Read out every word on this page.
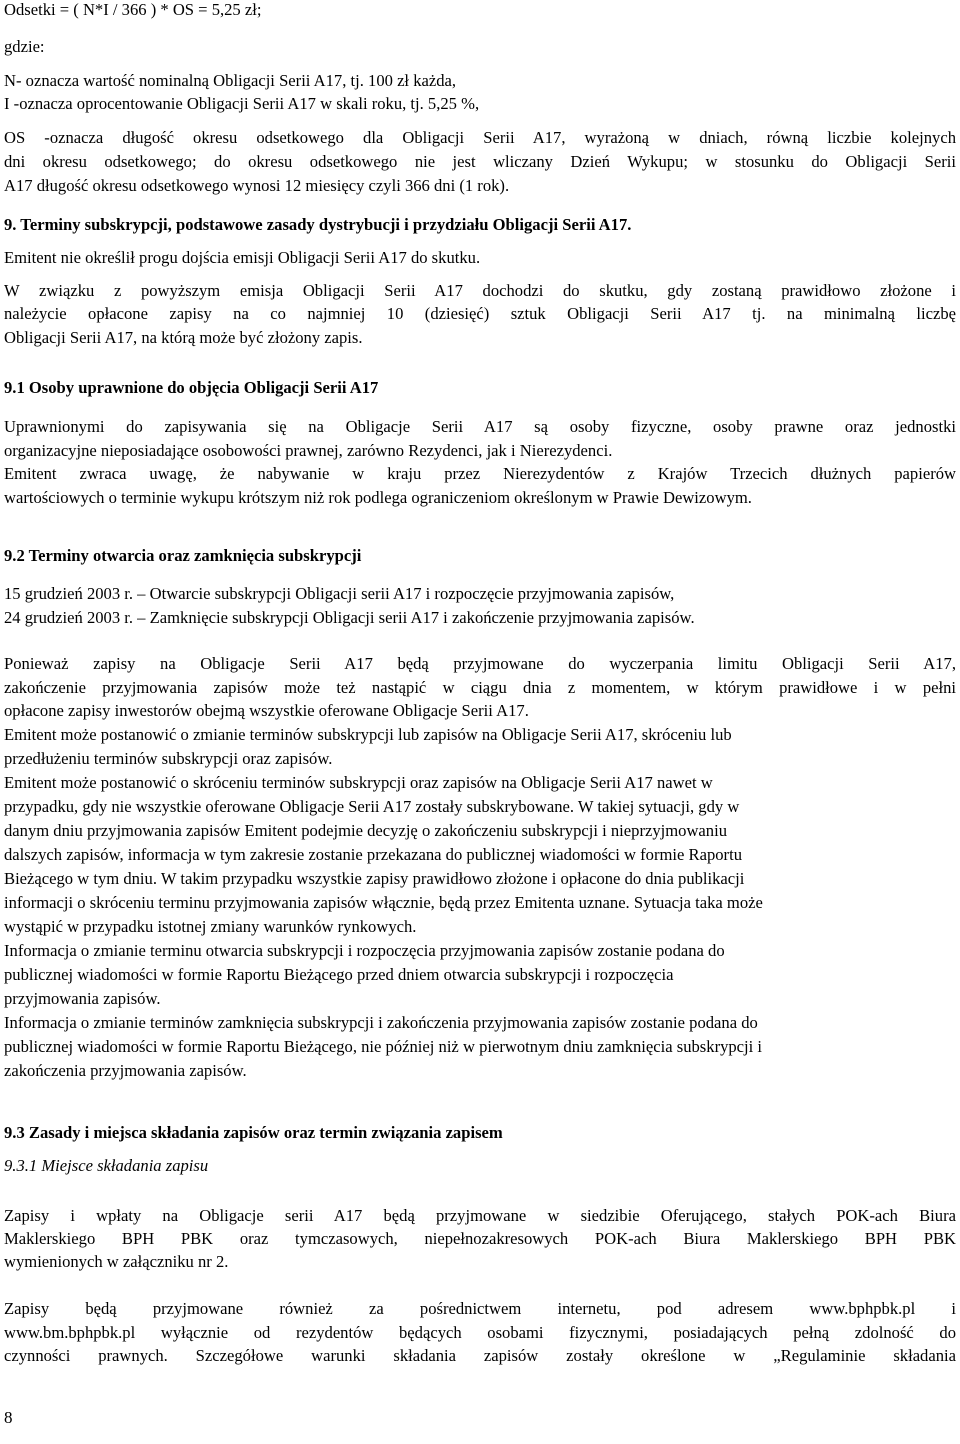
Odsetki = ( N*I / 366 ) * OS = 5,25 zł;
gdzie:
N- oznacza wartość nominalną Obligacji Serii A17, tj. 100 zł każda,
I -oznacza oprocentowanie Obligacji Serii A17 w skali roku, tj. 5,25 %,
OS -oznacza długość okresu odsetkowego dla Obligacji Serii A17, wyrażoną w dniach, równą liczbie kolejnych
dni okresu odsetkowego; do okresu odsetkowego nie jest wliczany Dzień Wykupu; w stosunku do Obligacji Serii
A17 długość okresu odsetkowego wynosi 12 miesięcy czyli 366 dni (1 rok).
9. Terminy subskrypcji, podstawowe zasady dystrybucji i przydziału Obligacji Serii A17.
Emitent nie określił progu dojścia emisji Obligacji Serii A17 do skutku.
W związku z powyższym emisja Obligacji Serii A17 dochodzi do skutku, gdy zostaną prawidłowo złożone i
należycie opłacone zapisy na co najmniej 10 (dziesięć) sztuk Obligacji Serii A17 tj. na minimalną liczbę
Obligacji Serii A17, na którą może być złożony zapis.
9.1 Osoby uprawnione do objęcia Obligacji Serii A17
Uprawnionymi do zapisywania się na Obligacje Serii A17 są osoby fizyczne, osoby prawne oraz jednostki
organizacyjne nieposiadające osobowości prawnej, zarówno Rezydenci, jak i Nierezydenci.
Emitent zwraca uwagę, że nabywanie w kraju przez Nierezydentów z Krajów Trzecich dłużnych papierów
wartościowych o terminie wykupu krótszym niż rok podlega ograniczeniom określonym w Prawie Dewizowym.
9.2 Terminy otwarcia oraz zamknięcia subskrypcji
15 grudzień 2003 r. – Otwarcie subskrypcji Obligacji serii A17 i rozpoczęcie przyjmowania zapisów,
24 grudzień 2003 r. – Zamknięcie subskrypcji Obligacji serii A17 i zakończenie przyjmowania zapisów.
Ponieważ zapisy na Obligacje Serii A17 będą przyjmowane do wyczerpania limitu Obligacji Serii A17,
zakończenie przyjmowania zapisów może też nastąpić w ciągu dnia z momentem, w którym prawidłowe i w pełni
opłacone zapisy inwestorów obejmą wszystkie oferowane Obligacje Serii A17.
Emitent może postanowić o zmianie terminów subskrypcji lub zapisów na Obligacje Serii A17, skróceniu lub
przedłużeniu terminów subskrypcji oraz zapisów.
Emitent może postanowić o skróceniu terminów subskrypcji oraz zapisów na Obligacje Serii A17 nawet w
przypadku, gdy nie wszystkie oferowane Obligacje Serii A17 zostały subskrybowane. W takiej sytuacji, gdy w
danym dniu przyjmowania zapisów Emitent podejmie decyzję o zakończeniu subskrypcji i nieprzyjmowaniu
dalszych zapisów, informacja w tym zakresie zostanie przekazana do publicznej wiadomości w formie Raportu
Bieżącego w tym dniu. W takim przypadku wszystkie zapisy prawidłowo złożone i opłacone do dnia publikacji
informacji o skróceniu terminu przyjmowania zapisów włącznie, będą przez Emitenta uznane. Sytuacja taka może
wystąpić w przypadku istotnej zmiany warunków rynkowych.
Informacja o zmianie terminu otwarcia subskrypcji i rozpoczęcia przyjmowania zapisów zostanie podana do
publicznej wiadomości w formie Raportu Bieżącego przed dniem otwarcia subskrypcji i rozpoczęcia
przyjmowania zapisów.
Informacja o zmianie terminów zamknięcia subskrypcji i zakończenia przyjmowania zapisów zostanie podana do
publicznej wiadomości w formie Raportu Bieżącego, nie później niż w pierwotnym dniu zamknięcia subskrypcji i
zakończenia przyjmowania zapisów.
9.3 Zasady i miejsca składania zapisów oraz termin związania zapisem
9.3.1 Miejsce składania zapisu
Zapisy i wpłaty na Obligacje serii A17 będą przyjmowane w siedzibie Oferującego, stałych POK-ach Biura
Maklerskiego BPH PBK oraz tymczasowych, niepełnozakresowych POK-ach Biura Maklerskiego BPH PBK
wymienionych w załączniku nr 2.
Zapisy będą przyjmowane również za pośrednictwem internetu, pod adresem www.bphpbk.pl i
www.bm.bphpbk.pl wyłącznie od rezydentów będących osobami fizycznymi, posiadających pełną zdolność do
czynności prawnych. Szczegółowe warunki składania zapisów zostały określone w „Regulaminie składania
8
